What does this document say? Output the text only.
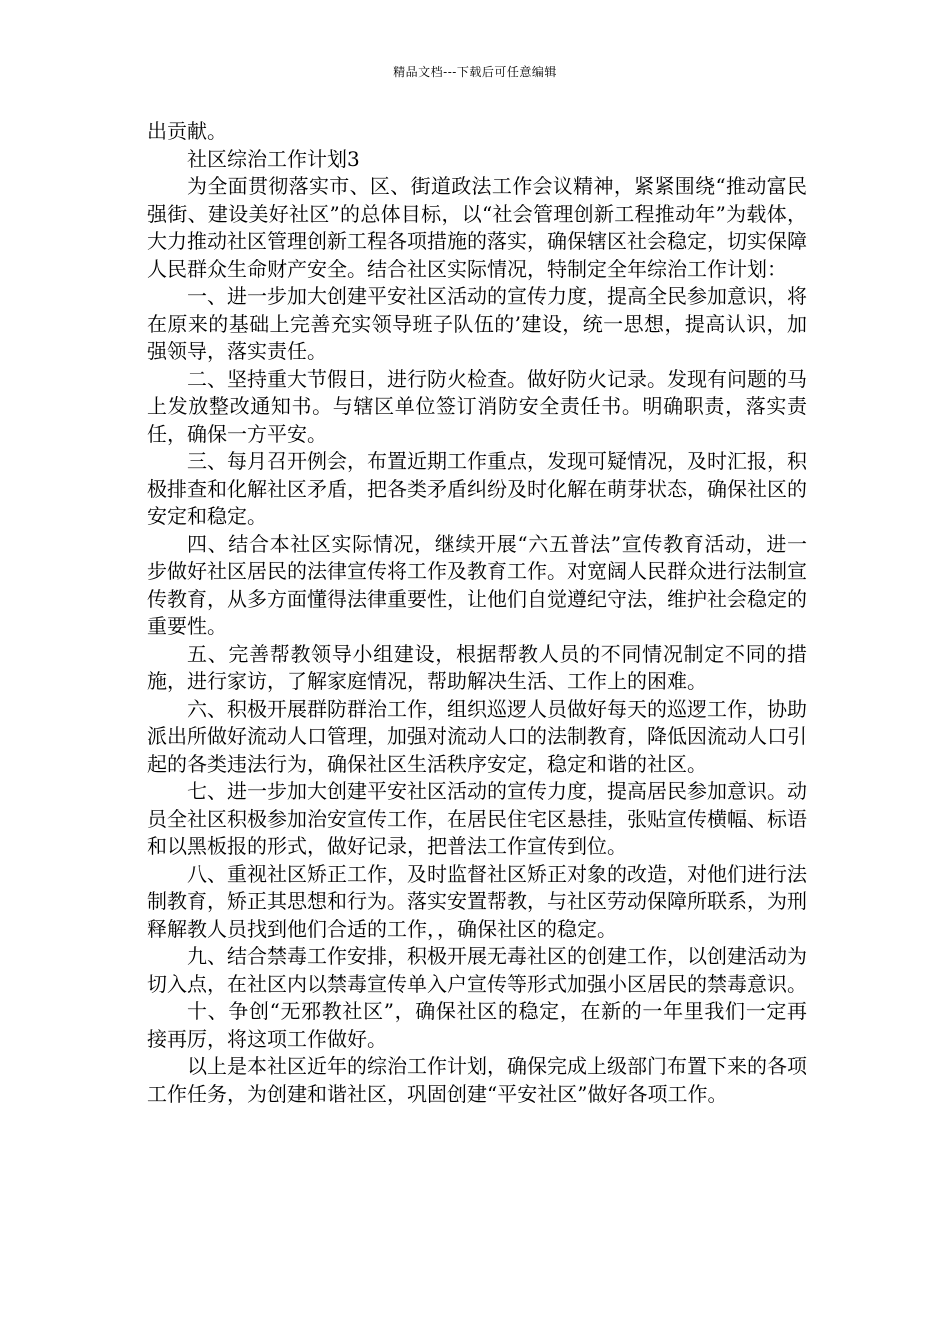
精品文档---下载后可任意编辑

出贡献。

社区综治工作计划3

为全面贯彻落实市、区、街道政法工作会议精神，紧紧围绕“推动富民强街、建设美好社区”的总体目标，以“社会管理创新工程推动年”为载体，大力推动社区管理创新工程各项措施的落实，确保辖区社会稳定，切实保障人民群众生命财产安全。结合社区实际情况，特制定全年综治工作计划：

一、进一步加大创建平安社区活动的宣传力度，提高全民参加意识，将在原来的基础上完善充实领导班子队伍的’建设，统一思想，提高认识，加强领导，落实责任。

二、坚持重大节假日，进行防火检查。做好防火记录。发现有问题的马上发放整改通知书。与辖区单位签订消防安全责任书。明确职责，落实责任，确保一方平安。

三、每月召开例会，布置近期工作重点，发现可疑情况，及时汇报，积极排查和化解社区矛盾，把各类矛盾纠纷及时化解在萌芽状态，确保社区的安定和稳定。

四、结合本社区实际情况，继续开展“六五普法”宣传教育活动，进一步做好社区居民的法律宣传将工作及教育工作。对宽阔人民群众进行法制宣传教育，从多方面懂得法律重要性，让他们自觉遵纪守法，维护社会稳定的重要性。

五、完善帮教领导小组建设，根据帮教人员的不同情况制定不同的措施，进行家访，了解家庭情况，帮助解决生活、工作上的困难。

六、积极开展群防群治工作，组织巡逻人员做好每天的巡逻工作，协助派出所做好流动人口管理，加强对流动人口的法制教育，降低因流动人口引起的各类违法行为，确保社区生活秩序安定，稳定和谐的社区。

七、进一步加大创建平安社区活动的宣传力度，提高居民参加意识。动员全社区积极参加治安宣传工作，在居民住宅区悬挂，张贴宣传横幅、标语和以黑板报的形式，做好记录，把普法工作宣传到位。

八、重视社区矫正工作，及时监督社区矫正对象的改造，对他们进行法制教育，矫正其思想和行为。落实安置帮教，与社区劳动保障所联系，为刑释解教人员找到他们合适的工作，，确保社区的稳定。

九、结合禁毒工作安排，积极开展无毒社区的创建工作，以创建活动为切入点，在社区内以禁毒宣传单入户宣传等形式加强小区居民的禁毒意识。

十、争创“无邪教社区”，确保社区的稳定，在新的一年里我们一定再接再厉，将这项工作做好。

以上是本社区近年的综治工作计划，确保完成上级部门布置下来的各项工作任务，为创建和谐社区，巩固创建“平安社区”做好各项工作。
